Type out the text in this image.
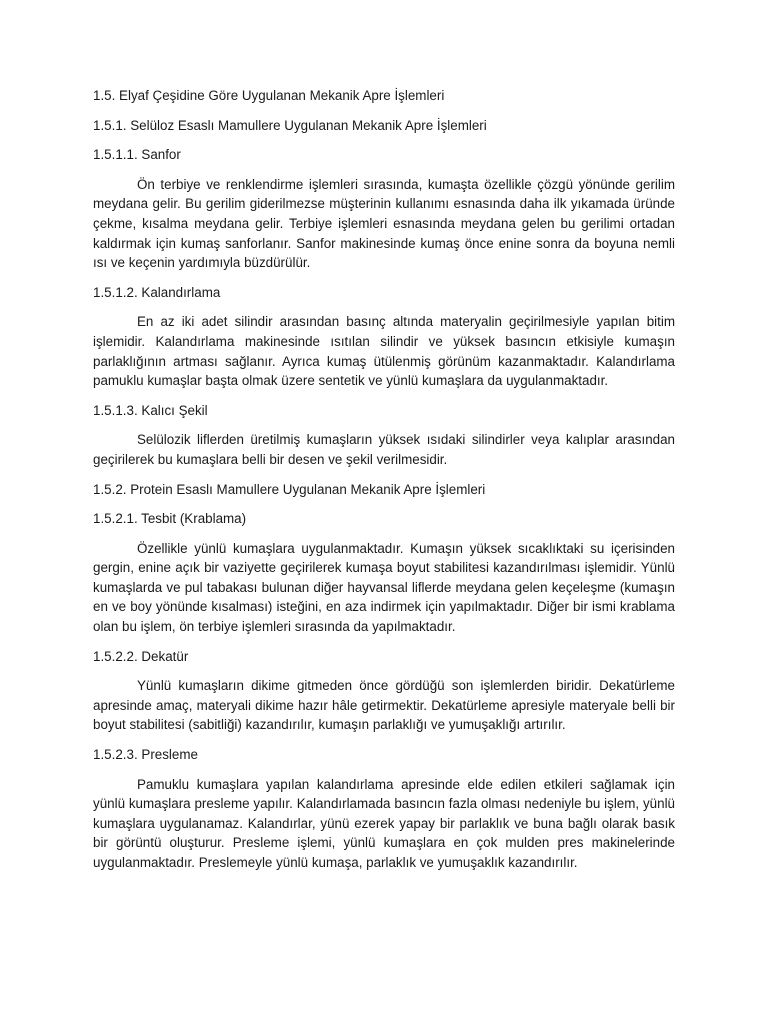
1.5. Elyaf Çeşidine Göre Uygulanan Mekanik Apre İşlemleri

1.5.1. Selüloz Esaslı Mamullere Uygulanan Mekanik Apre İşlemleri

1.5.1.1. Sanfor

Ön terbiye ve renklendirme işlemleri sırasında, kumaşta özellikle çözgü yönünde gerilim meydana gelir. Bu gerilim giderilmezse müşterinin kullanımı esnasında daha ilk yıkamada üründe çekme, kısalma meydana gelir. Terbiye işlemleri esnasında meydana gelen bu gerilimi ortadan kaldırmak için kumaş sanforlanır. Sanfor makinesinde kumaş önce enine sonra da boyuna nemli ısı ve keçenin yardımıyla büzdürülür.

1.5.1.2. Kalandırlama

En az iki adet silindir arasından basınç altında materyalin geçirilmesiyle yapılan bitim işlemidir. Kalandırlama makinesinde ısıtılan silindir ve yüksek basıncın etkisiyle kumaşın parlaklığının artması sağlanır. Ayrıca kumaş ütülenmiş görünüm kazanmaktadır. Kalandırlama pamuklu kumaşlar başta olmak üzere sentetik ve yünlü kumaşlara da uygulanmaktadır.

1.5.1.3. Kalıcı Şekil

Selülozik liflerden üretilmiş kumaşların yüksek ısıdaki silindirler veya kalıplar arasından geçirilerek bu kumaşlara belli bir desen ve şekil verilmesidir.

1.5.2. Protein Esaslı Mamullere Uygulanan Mekanik Apre İşlemleri

1.5.2.1. Tesbit (Krablama)

Özellikle yünlü kumaşlara uygulanmaktadır. Kumaşın yüksek sıcaklıktaki su içerisinden gergin, enine açık bir vaziyette geçirilerek kumaşa boyut stabilitesi kazandırılması işlemidir. Yünlü kumaşlarda ve pul tabakası bulunan diğer hayvansal liflerde meydana gelen keçeleşme (kumaşın en ve boy yönünde kısalması) isteğini, en aza indirmek için yapılmaktadır. Diğer bir ismi krablama olan bu işlem, ön terbiye işlemleri sırasında da yapılmaktadır.

1.5.2.2. Dekatür

Yünlü kumaşların dikime gitmeden önce gördüğü son işlemlerden biridir. Dekatürleme apresinde amaç, materyali dikime hazır hâle getirmektir. Dekatürleme apresiyle materyale belli bir boyut stabilitesi (sabitliği) kazandırılır, kumaşın parlaklığı ve yumuşaklığı artırılır.

1.5.2.3. Presleme

Pamuklu kumaşlara yapılan kalandırlama apresinde elde edilen etkileri sağlamak için yünlü kumaşlara presleme yapılır. Kalandırlamada basıncın fazla olması nedeniyle bu işlem, yünlü kumaşlara uygulanamaz. Kalandırlar, yünü ezerek yapay bir parlaklık ve buna bağlı olarak basık bir görüntü oluşturur. Presleme işlemi, yünlü kumaşlara en çok mulden pres makinelerinde uygulanmaktadır. Preslemeyle yünlü kumaşa, parlaklık ve yumuşaklık kazandırılır.
